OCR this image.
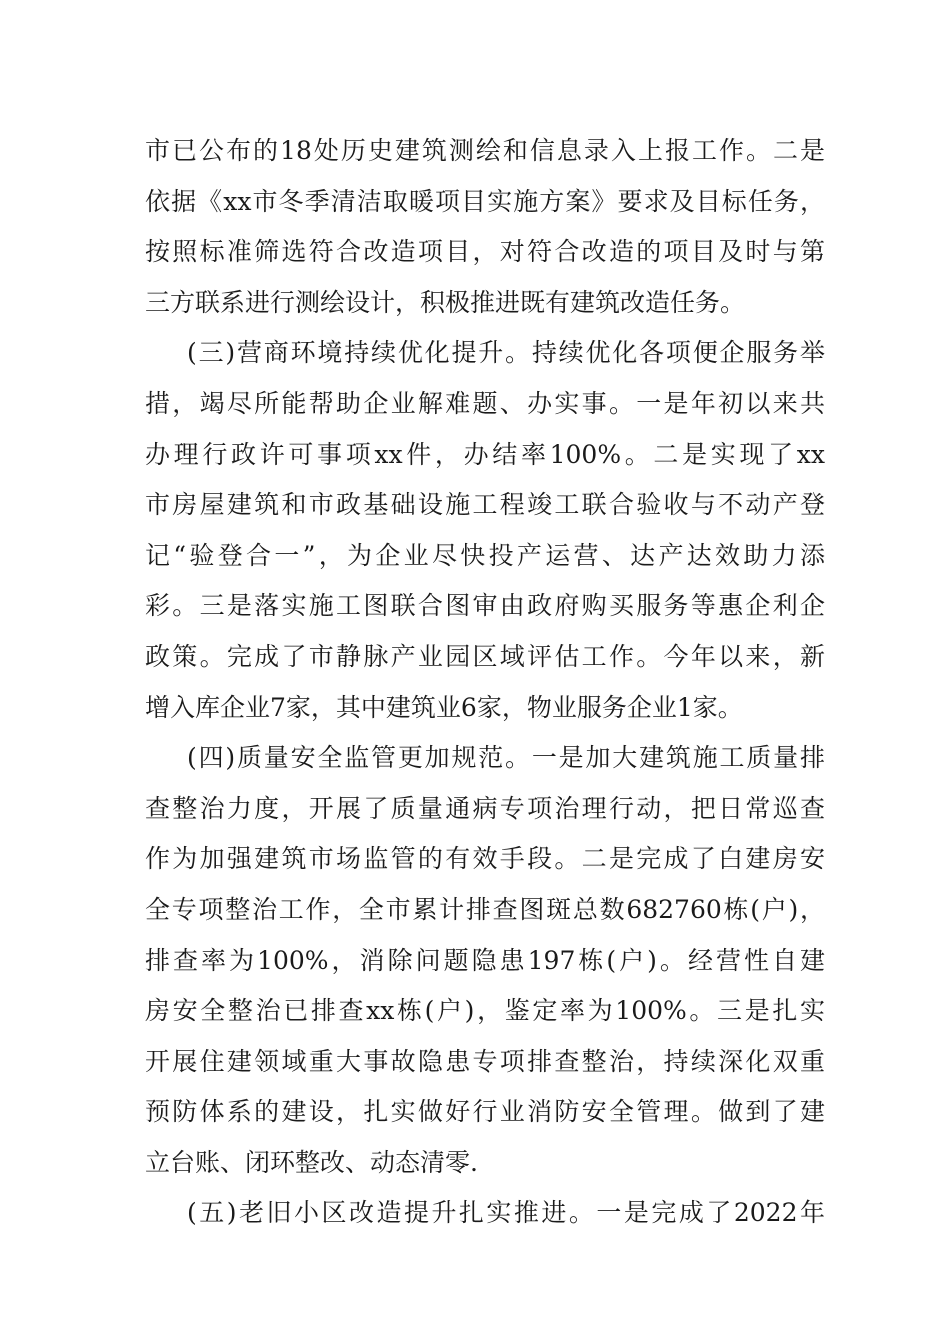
市已公布的18处历史建筑测绘和信息录入上报工作。二是
依据《xx市冬季清洁取暖项目实施方案》要求及目标任务，
按照标准筛选符合改造项目，对符合改造的项目及时与第
三方联系进行测绘设计，积极推进既有建筑改造任务。
(三)营商环境持续优化提升。持续优化各项便企服务举
措，竭尽所能帮助企业解难题、办实事。一是年初以来共
办理行政许可事项xx件，办结率100%。二是实现了xx
市房屋建筑和市政基础设施工程竣工联合验收与不动产登
记“验登合一”，为企业尽快投产运营、达产达效助力添
彩。三是落实施工图联合图审由政府购买服务等惠企利企
政策。完成了市静脉产业园区域评估工作。今年以来，新
增入库企业7家，其中建筑业6家，物业服务企业1家。
(四)质量安全监管更加规范。一是加大建筑施工质量排
查整治力度，开展了质量通病专项治理行动，把日常巡查
作为加强建筑市场监管的有效手段。二是完成了白建房安
全专项整治工作，全市累计排查图斑总数682760栋(户)，
排查率为100%，消除问题隐患197栋(户)。经营性自建
房安全整治已排查xx栋(户)，鉴定率为100%。三是扎实
开展住建领域重大事故隐患专项排查整治，持续深化双重
预防体系的建设，扎实做好行业消防安全管理。做到了建
立台账、闭环整改、动态清零.
(五)老旧小区改造提升扎实推进。一是完成了2022年
